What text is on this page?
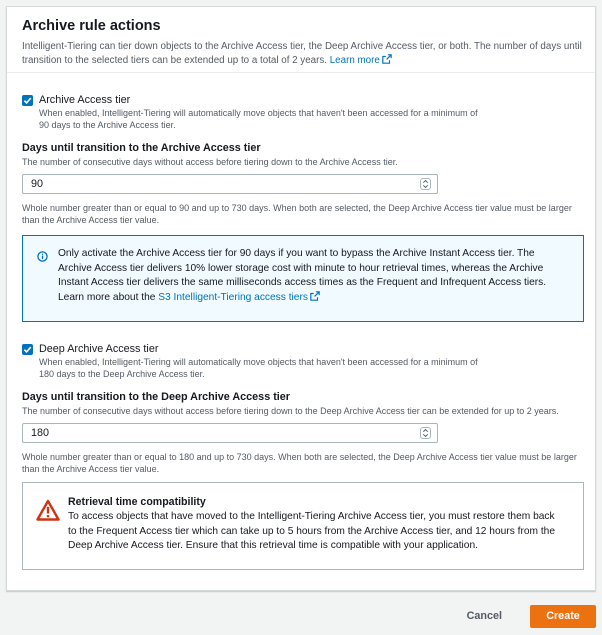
Archive rule actions
Intelligent-Tiering can tier down objects to the Archive Access tier, the Deep Archive Access tier, or both. The number of days until transition to the selected tiers can be extended up to a total of 2 years. Learn more
Archive Access tier
When enabled, Intelligent-Tiering will automatically move objects that haven't been accessed for a minimum of 90 days to the Archive Access tier.
Days until transition to the Archive Access tier
The number of consecutive days without access before tiering down to the Archive Access tier.
90
Whole number greater than or equal to 90 and up to 730 days. When both are selected, the Deep Archive Access tier value must be larger than the Archive Access tier value.
Only activate the Archive Access tier for 90 days if you want to bypass the Archive Instant Access tier. The Archive Access tier delivers 10% lower storage cost with minute to hour retrieval times, whereas the Archive Instant Access tier delivers the same milliseconds access times as the Frequent and Infrequent Access tiers. Learn more about the S3 Intelligent-Tiering access tiers
Deep Archive Access tier
When enabled, Intelligent-Tiering will automatically move objects that haven't been accessed for a minimum of 180 days to the Deep Archive Access tier.
Days until transition to the Deep Archive Access tier
The number of consecutive days without access before tiering down to the Deep Archive Access tier can be extended for up to 2 years.
180
Whole number greater than or equal to 180 and up to 730 days. When both are selected, the Deep Archive Access tier value must be larger than the Archive Access tier value.
Retrieval time compatibility
To access objects that have moved to the Intelligent-Tiering Archive Access tier, you must restore them back to the Frequent Access tier which can take up to 5 hours from the Archive Access tier, and 12 hours from the Deep Archive Access tier. Ensure that this retrieval time is compatible with your application.
Cancel	Create
